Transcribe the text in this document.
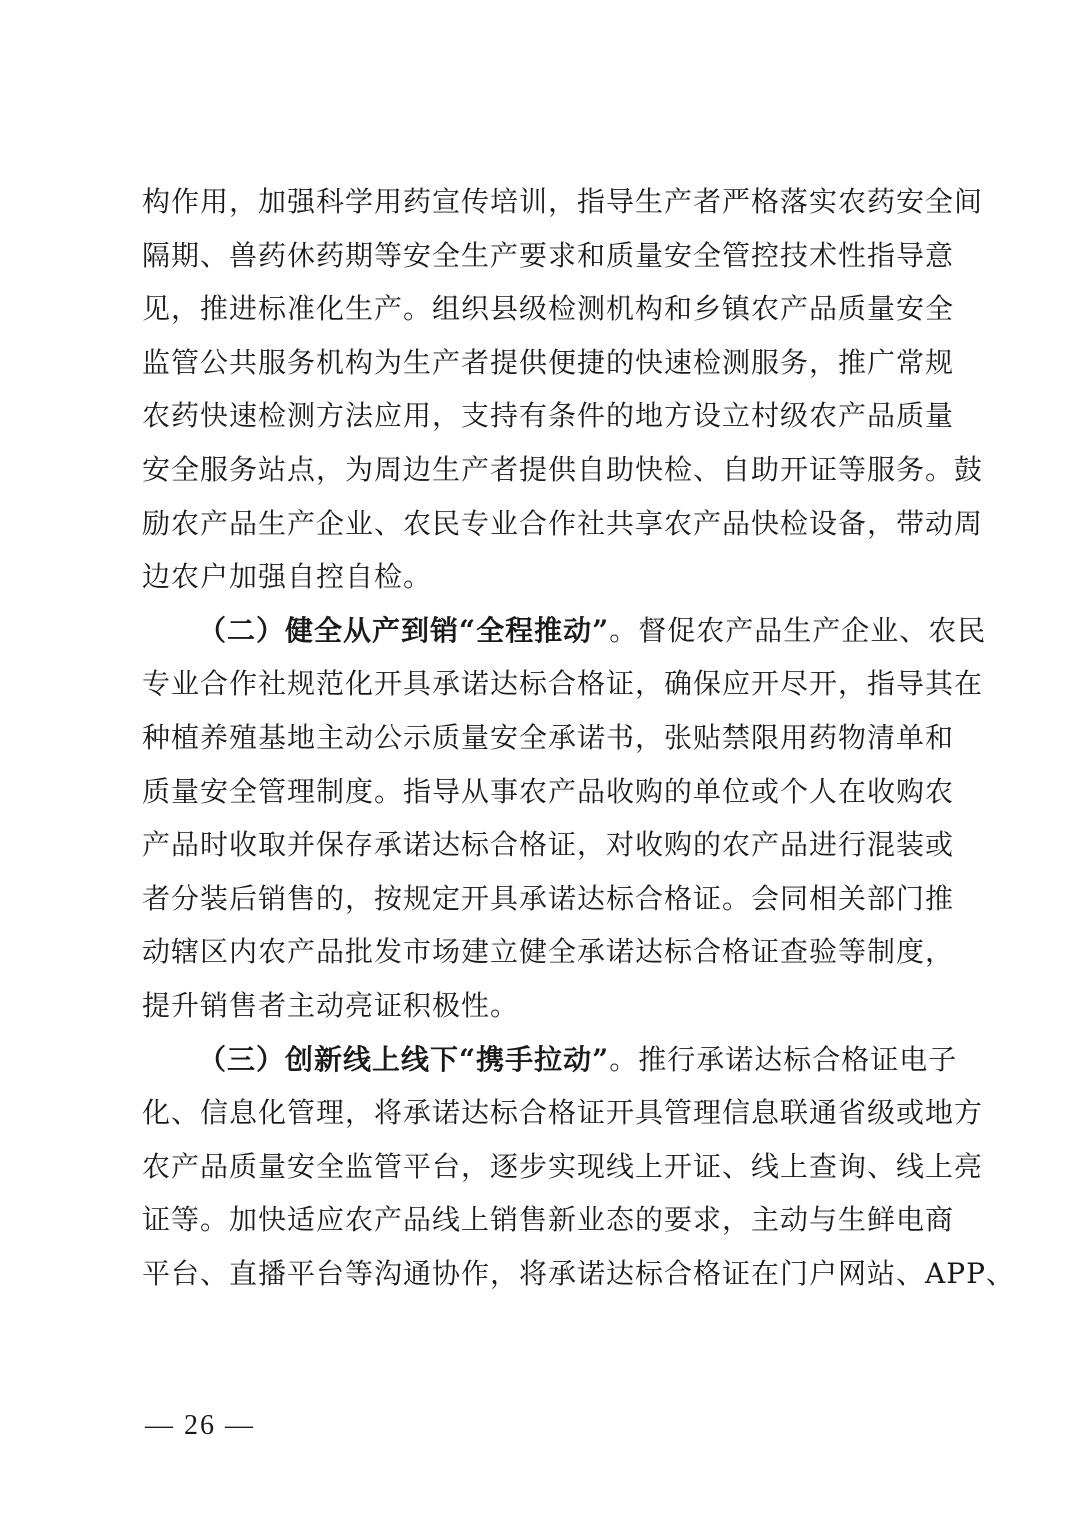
构作用，加强科学用药宣传培训，指导生产者严格落实农药安全间
隔期、兽药休药期等安全生产要求和质量安全管控技术性指导意
见，推进标准化生产。组织县级检测机构和乡镇农产品质量安全
监管公共服务机构为生产者提供便捷的快速检测服务，推广常规
农药快速检测方法应用，支持有条件的地方设立村级农产品质量
安全服务站点，为周边生产者提供自助快检、自助开证等服务。鼓
励农产品生产企业、农民专业合作社共享农产品快检设备，带动周
边农户加强自控自检。
（二）健全从产到销“全程推动”。督促农产品生产企业、农民
专业合作社规范化开具承诺达标合格证，确保应开尽开，指导其在
种植养殖基地主动公示质量安全承诺书，张贴禁限用药物清单和
质量安全管理制度。指导从事农产品收购的单位或个人在收购农
产品时收取并保存承诺达标合格证，对收购的农产品进行混装或
者分装后销售的，按规定开具承诺达标合格证。会同相关部门推
动辖区内农产品批发市场建立健全承诺达标合格证查验等制度，
提升销售者主动亮证积极性。
（三）创新线上线下“携手拉动”。推行承诺达标合格证电子
化、信息化管理，将承诺达标合格证开具管理信息联通省级或地方
农产品质量安全监管平台，逐步实现线上开证、线上查询、线上亮
证等。加快适应农产品线上销售新业态的要求，主动与生鲜电商
平台、直播平台等沟通协作，将承诺达标合格证在门户网站、APP、
— 26 —
